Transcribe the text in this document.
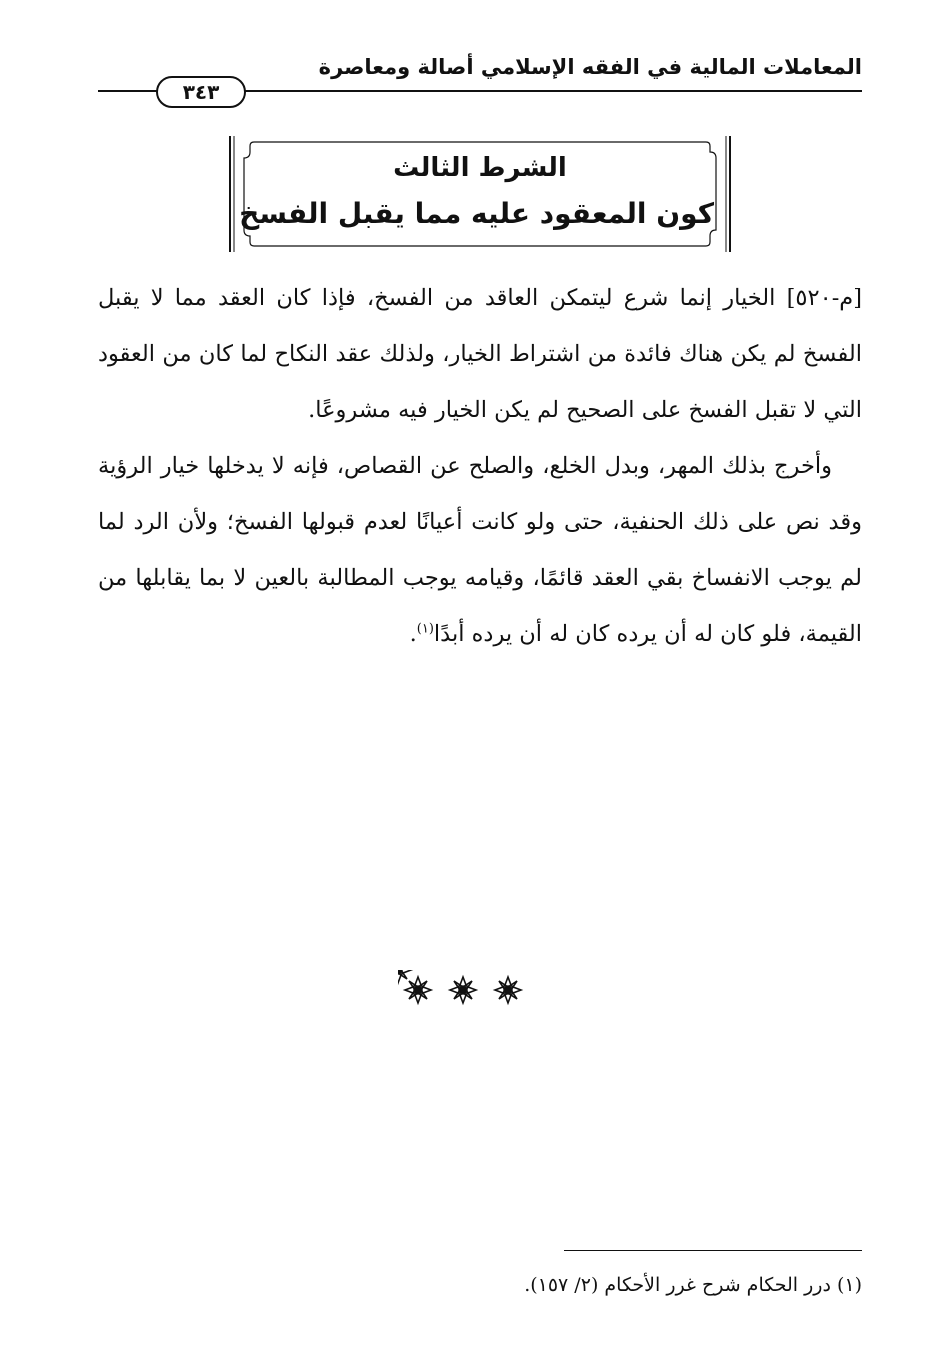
المعاملات المالية في الفقه الإسلامي أصالة ومعاصرة
٣٤٣
الشرط الثالث
كون المعقود عليه مما يقبل الفسخ
[م-٥٢٠] الخيار إنما شرع ليتمكن العاقد من الفسخ، فإذا كان العقد مما لا يقبل الفسخ لم يكن هناك فائدة من اشتراط الخيار، ولذلك عقد النكاح لما كان من العقود التي لا تقبل الفسخ على الصحيح لم يكن الخيار فيه مشروعًا.
وأخرج بذلك المهر، وبدل الخلع، والصلح عن القصاص، فإنه لا يدخلها خيار الرؤية وقد نص على ذلك الحنفية، حتى ولو كانت أعيانًا لعدم قبولها الفسخ؛ ولأن الرد لما لم يوجب الانفساخ بقي العقد قائمًا، وقيامه يوجب المطالبة بالعين لا بما يقابلها من القيمة، فلو كان له أن يرده كان له أن يرده أبدًا$^{(١)}$.
(١) درر الحكام شرح غرر الأحكام (٢/ ١٥٧).
